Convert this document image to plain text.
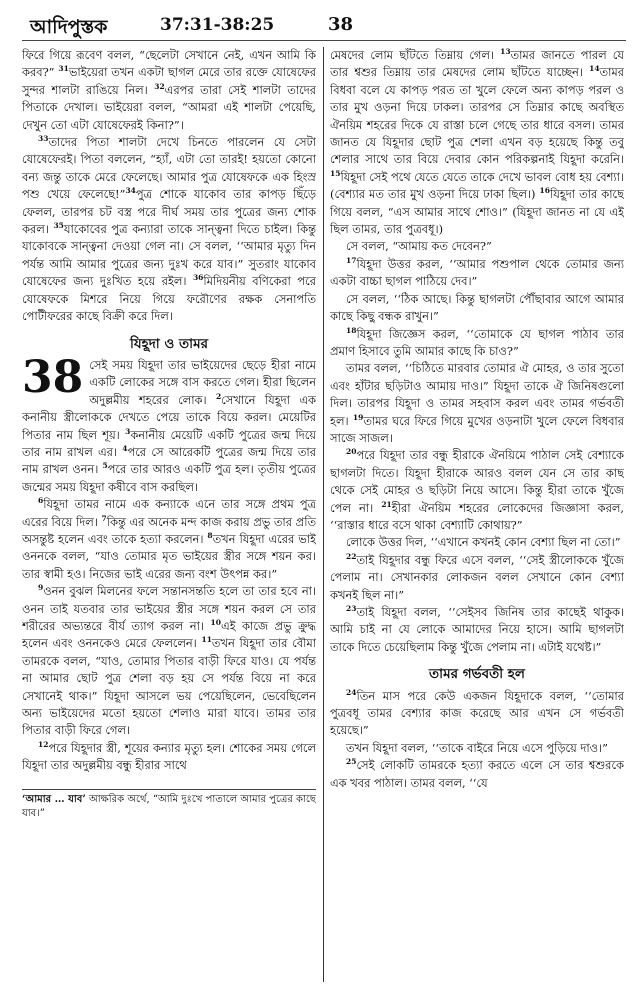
আদিপুস্তক	37:31-38:25	38

ফিরে গিয়ে রূবেণ বলল, “ছেলেটা সেখানে নেই, এখন আমি কি করব?” $^{31}$ভাইয়েরা তখন একটা ছাগল মেরে তার রক্তে যোষেফের সুন্দর শালটা রাঙিয়ে নিল। $^{32}$এরপর তারা সেই শালটা তাদের পিতাকে দেখাল। ভাইয়েরা বলল, “আমরা এই শালটা পেয়েছি, দেখুন তো এটা যোষেফেরই কিনা?”।

$^{33}$তাদের পিতা শালটা দেখে চিনতে পারলেন যে সেটা যোষেফেরই। পিতা বললেন, “হ্যাঁ, এটা তো তারই! হয়তো কোনো বন্য জন্তু তাকে মেরে ফেলেছে। আমার পুত্র যোষেফকে এক হিংস্র পশু খেয়ে ফেলেছে!”$^{34}$পুত্র শোকে যাকোব তার কাপড় ছিঁড়ে ফেলল, তারপর চট বস্ত্র পরে দীর্ঘ সময় তার পুত্রের জন্য শোক করল। $^{35}$যাকোবের পুত্র কন্যারা তাকে সান্ত্বনা দিতে চাইল। কিন্তু যাকোবকে সান্ত্বনা দেওয়া গেল না। সে বলল, ‘‘আমার মৃত্যু দিন পর্যন্ত আমি আমার পুত্রের জন্য দুঃখ করে যাব।” সুতরাং যাকোব যোষেফের জন্য দুঃখিত হয়ে রইল। $^{36}$মিদিয়নীয় বণিকেরা পরে যোষেফকে মিশরে নিয়ে গিয়ে ফরৌণের রক্ষক সেনাপতি পোটীফরের কাছে বিক্রী করে দিল।

যিহূদা ও তামর

38 সেই সময় যিহূদা তার ভাইয়েদের ছেড়ে হীরা নামে একটি লোকের সঙ্গে বাস করতে গেল। হীরা ছিলেন অদুল্লমীয় শহরের লোক। $^2$সেখানে যিহূদা এক কনানীয় স্ত্রীলোককে দেখতে পেয়ে তাকে বিয়ে করল। মেয়েটির পিতার নাম ছিল শূয়। $^3$কনানীয় মেয়েটি একটি পুত্রের জন্ম দিয়ে তার নাম রাখল এর। $^4$পরে সে আরেকটি পুত্রের জন্ম দিয়ে তার নাম রাখল ওনন। $^5$পরে তার আরও একটি পুত্র হল। তৃতীয় পুত্রের জন্মের সময় যিহূদা কষীবে বাস করছিল।

$^6$যিহূদা তামর নামে এক কন্যাকে এনে তার সঙ্গে প্রথম পুত্র এরের বিয়ে দিল। $^7$কিন্তু এর অনেক মন্দ কাজ করায় প্রভু তার প্রতি অসন্তুষ্ট হলেন এবং তাকে হত্যা করলেন। $^8$তখন যিহূদা এরের ভাই ওননকে বলল, “যাও তোমার মৃত ভাইয়ের স্ত্রীর সঙ্গে শয়ন কর। তার স্বামী হও। নিজের ভাই এরের জন্য বংশ উৎপন্ন কর।”

$^9$ওনন বুঝল মিলনের ফলে সন্তানসন্ততি হলে তা তার হবে না। ওনন তাই যতবার তার ভাইয়ের স্ত্রীর সঙ্গে শয়ন করল সে তার শরীরের অভ্যন্তরে বীর্য ত্যাগ করল না। $^{10}$এই কাজে প্রভু ক্রুদ্ধ হলেন এবং ওননকেও মেরে ফেললেন। $^{11}$তখন যিহূদা তার বৌমা তামরকে বলল, “যাও, তোমার পিতার বাড়ী ফিরে যাও। যে পর্যন্ত না আমার ছোট পুত্র শেলা বড় হয় সে পর্যন্ত বিয়ে না করে সেখানেই থাক।” যিহূদা আসলে ভয় পেয়েছিলেন, ভেবেছিলেন অন্য ভাইয়েদের মতো হয়তো শেলাও মারা যাবে। তামর তার পিতার বাড়ী ফিরে গেল।

$^{12}$পরে যিহূদার স্ত্রী, শূয়ের কন্যার মৃত্যু হল। শোকের সময় গেলে যিহূদা তার অদুল্লমীয় বন্ধু হীরার সাথে

‘আমার … যাব’ আক্ষরিক অর্থে, “আমি দুঃখে পাতালে আমার পুত্রের কাছে যাব।”

মেষদের লোম ছাঁটতে তিম্নায় গেল। $^{13}$তামর জানতে পারল যে তার শ্বশুর তিম্নায় তার মেষদের লোম ছাঁটতে যাচ্ছেন। $^{14}$তামর বিধবা বলে যে কাপড় পরত তা খুলে ফেলে অন্য কাপড় পরল ও তার মুখ ওড়না দিয়ে ঢাকল। তারপর সে তিম্নার কাছে অবস্থিত ঐনয়িম শহরের দিকে যে রাস্তা চলে গেছে তার ধারে বসল। তামর জানত যে যিহূদার ছোট পুত্র শেলা এখন বড় হয়েছে কিন্তু তবু শেলার সাথে তার বিয়ে দেবার কোন পরিকল্পনাই যিহূদা করেনি। $^{15}$যিহূদা সেই পথে যেতে যেতে তাকে দেখে ভাবল বোধ হয় বেশ্যা। (বেশ্যার মত তার মুখ ওড়না দিয়ে ঢাকা ছিল।) $^{16}$যিহূদা তার কাছে গিয়ে বলল, “এস আমার সাথে শোও।” (যিহূদা জানত না যে এই ছিল তামর, তার পুত্রবধূ।)

সে বলল, “আমায় কত দেবেন?”

$^{17}$যিহূদা উত্তর করল, ‘‘আমার পশুপাল থেকে তোমার জন্য একটা বাচ্চা ছাগল পাঠিয়ে দেব।”

সে বলল, ‘‘ঠিক আছে। কিন্তু ছাগলটা পৌঁছাবার আগে আমার কাছে কিছু বন্ধক রাখুন।”

$^{18}$যিহূদা জিজ্ঞেস করল, ‘‘তোমাকে যে ছাগল পাঠাব তার প্রমাণ হিসাবে তুমি আমার কাছে কি চাও?”

তামর বলল, ‘‘চিঠিতে মারবার তোমার ঐ মোহর, ও তার সুতো এবং হাঁটার ছড়িটাও আমায় দাও।” যিহূদা তাকে ঐ জিনিষগুলো দিল। তারপর যিহূদা ও তামর সহবাস করল এবং তামর গর্ভবতী হল। $^{19}$তামর ঘরে ফিরে গিয়ে মুখের ওড়নাটা খুলে ফেলে বিধবার সাজে সাজল।

$^{20}$পরে যিহূদা তার বন্ধু হীরাকে ঐনয়িমে পাঠাল সেই বেশ্যাকে ছাগলটা দিতে। যিহূদা হীরাকে আরও বলল যেন সে তার কাছ থেকে সেই মোহর ও ছড়িটা নিয়ে আসে। কিন্তু হীরা তাকে খুঁজে পেল না। $^{21}$হীরা ঐনয়িম শহরের লোকেদের জিজ্ঞাসা করল, ‘‘রাস্তার ধারে বসে থাকা বেশ্যাটি কোথায়?”

লোকে উত্তর দিল, ‘‘এখানে কখনই কোন বেশ্যা ছিল না তো।”

$^{22}$তাই যিহূদার বন্ধু ফিরে এসে বলল, ‘‘সেই স্ত্রীলোককে খুঁজে পেলাম না। সেখানকার লোকজন বলল সেখানে কোন বেশ্যা কখনই ছিল না।”

$^{23}$তাই যিহূদা বলল, ‘‘সেইসব জিনিষ তার কাছেই থাকুক। আমি চাই না যে লোকে আমাদের নিয়ে হাসে। আমি ছাগলটা তাকে দিতে চেয়েছিলাম কিন্তু খুঁজে পেলাম না। এটাই যথেষ্ট।”

তামর গর্ভবতী হল

$^{24}$তিন মাস পরে কেউ একজন যিহূদাকে বলল, ‘‘তোমার পুত্রবধূ তামর বেশ্যার কাজ করেছে আর এখন সে গর্ভবতী হয়েছে।”

তখন যিহূদা বলল, ‘‘তাকে বাইরে নিয়ে এসে পুড়িয়ে দাও।”

$^{25}$সেই লোকটি তামরকে হত্যা করতে এলে সে তার শ্বশুরকে এক খবর পাঠাল। তামর বলল, ‘‘যে
